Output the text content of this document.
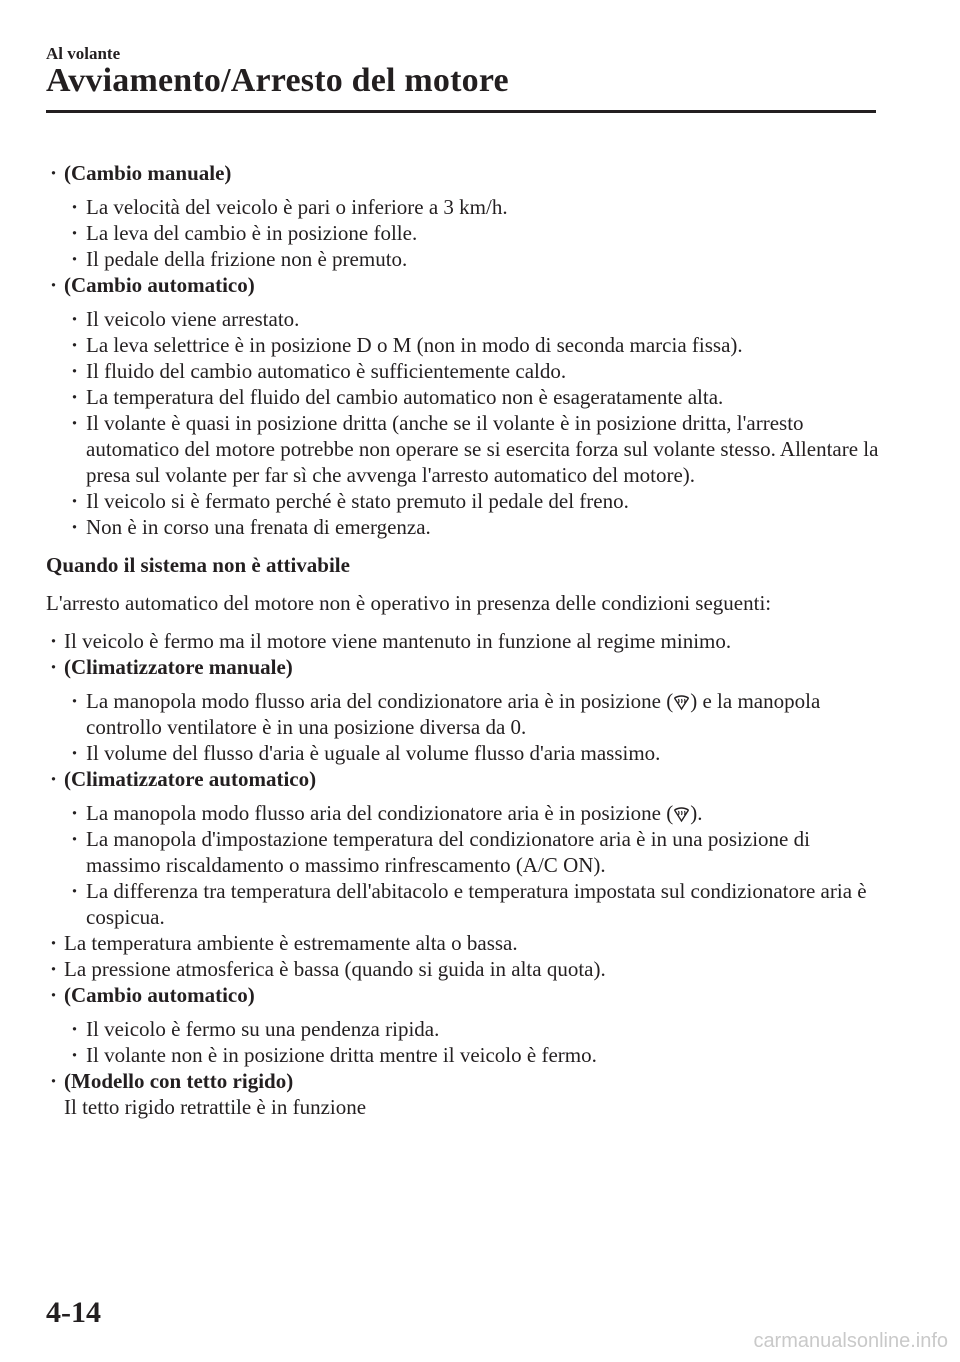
Al volante
Avviamento/Arresto del motore
· (Cambio manuale)
· La velocità del veicolo è pari o inferiore a 3 km/h.
· La leva del cambio è in posizione folle.
· Il pedale della frizione non è premuto.
· (Cambio automatico)
· Il veicolo viene arrestato.
· La leva selettrice è in posizione D o M (non in modo di seconda marcia fissa).
· Il fluido del cambio automatico è sufficientemente caldo.
· La temperatura del fluido del cambio automatico non è esageratamente alta.
· Il volante è quasi in posizione dritta (anche se il volante è in posizione dritta, l'arresto automatico del motore potrebbe non operare se si esercita forza sul volante stesso. Allentare la presa sul volante per far sì che avvenga l'arresto automatico del motore).
· Il veicolo si è fermato perché è stato premuto il pedale del freno.
· Non è in corso una frenata di emergenza.
Quando il sistema non è attivabile
L'arresto automatico del motore non è operativo in presenza delle condizioni seguenti:
· Il veicolo è fermo ma il motore viene mantenuto in funzione al regime minimo.
· (Climatizzatore manuale)
· La manopola modo flusso aria del condizionatore aria è in posizione ( ) e la manopola controllo ventilatore è in una posizione diversa da 0.
· Il volume del flusso d'aria è uguale al volume flusso d'aria massimo.
· (Climatizzatore automatico)
· La manopola modo flusso aria del condizionatore aria è in posizione ( ).
· La manopola d'impostazione temperatura del condizionatore aria è in una posizione di massimo riscaldamento o massimo rinfrescamento (A/C ON).
· La differenza tra temperatura dell'abitacolo e temperatura impostata sul condizionatore aria è cospicua.
· La temperatura ambiente è estremamente alta o bassa.
· La pressione atmosferica è bassa (quando si guida in alta quota).
· (Cambio automatico)
· Il veicolo è fermo su una pendenza ripida.
· Il volante non è in posizione dritta mentre il veicolo è fermo.
· (Modello con tetto rigido)
Il tetto rigido retrattile è in funzione
4-14
carmanualsonline.info
